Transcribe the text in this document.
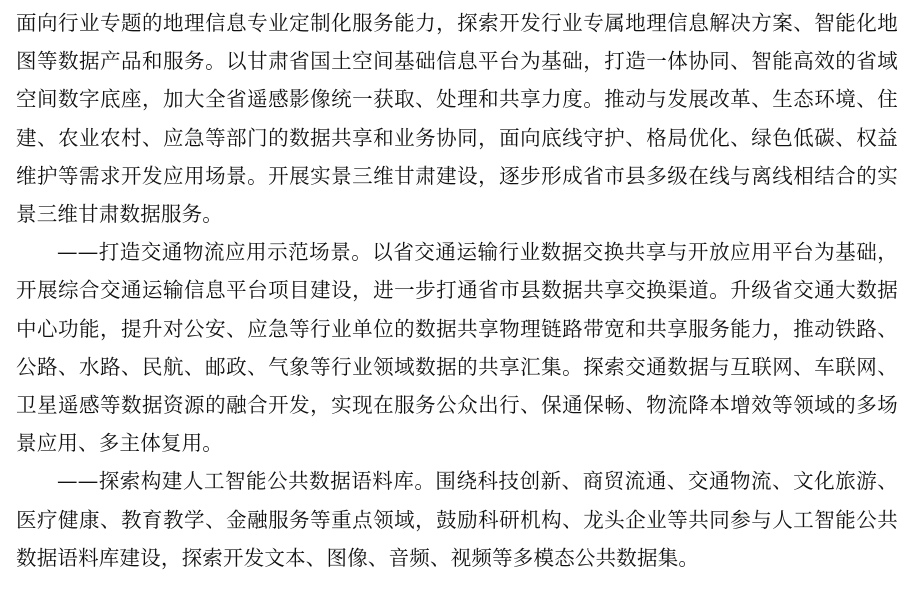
面向行业专题的地理信息专业定制化服务能力，探索开发行业专属地理信息解决方案、智能化地图等数据产品和服务。以甘肃省国土空间基础信息平台为基础，打造一体协同、智能高效的省域空间数字底座，加大全省遥感影像统一获取、处理和共享力度。推动与发展改革、生态环境、住建、农业农村、应急等部门的数据共享和业务协同，面向底线守护、格局优化、绿色低碳、权益维护等需求开发应用场景。开展实景三维甘肃建设，逐步形成省市县多级在线与离线相结合的实景三维甘肃数据服务。

——打造交通物流应用示范场景。以省交通运输行业数据交换共享与开放应用平台为基础，开展综合交通运输信息平台项目建设，进一步打通省市县数据共享交换渠道。升级省交通大数据中心功能，提升对公安、应急等行业单位的数据共享物理链路带宽和共享服务能力，推动铁路、公路、水路、民航、邮政、气象等行业领域数据的共享汇集。探索交通数据与互联网、车联网、卫星遥感等数据资源的融合开发，实现在服务公众出行、保通保畅、物流降本增效等领域的多场景应用、多主体复用。

——探索构建人工智能公共数据语料库。围绕科技创新、商贸流通、交通物流、文化旅游、医疗健康、教育教学、金融服务等重点领域，鼓励科研机构、龙头企业等共同参与人工智能公共数据语料库建设，探索开发文本、图像、音频、视频等多模态公共数据集。
